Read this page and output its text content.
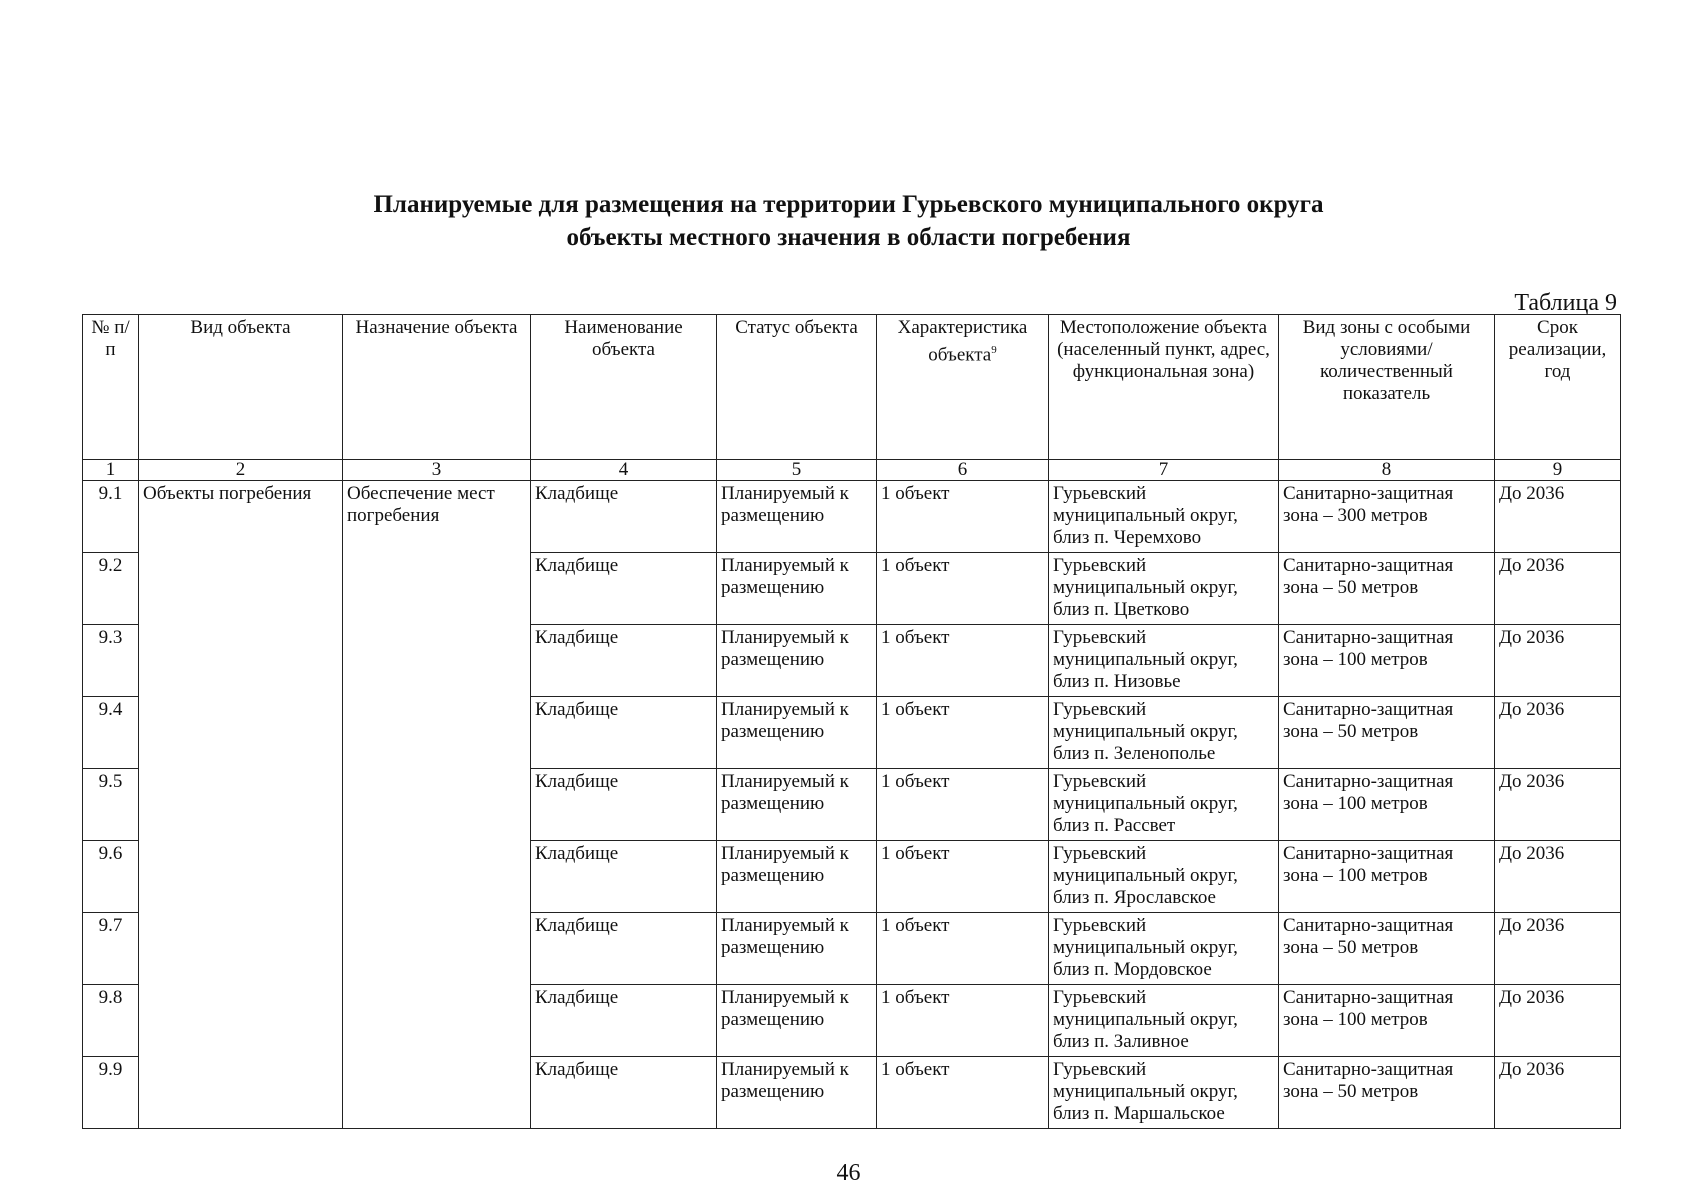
Планируемые для размещения на территории Гурьевского муниципального округа
объекты местного значения в области погребения
Таблица 9
№ п/п	Вид объекта	Назначение объекта	Наименование объекта	Статус объекта	Характеристика объекта$^9$	Местоположение объекта (населенный пункт, адрес, функциональная зона)	Вид зоны с особыми условиями/ количественный показатель	Срок реализации, год
1	2	3	4	5	6	7	8	9
9.1	Объекты погребения	Обеспечение мест погребения	Кладбище	Планируемый к размещению	1 объект	Гурьевский муниципальный округ, близ п. Черемхово	Санитарно-защитная зона – 300 метров	До 2036
9.2			Кладбище	Планируемый к размещению	1 объект	Гурьевский муниципальный округ, близ п. Цветково	Санитарно-защитная зона – 50 метров	До 2036
9.3			Кладбище	Планируемый к размещению	1 объект	Гурьевский муниципальный округ, близ п. Низовье	Санитарно-защитная зона – 100 метров	До 2036
9.4			Кладбище	Планируемый к размещению	1 объект	Гурьевский муниципальный округ, близ п. Зеленополье	Санитарно-защитная зона – 50 метров	До 2036
9.5			Кладбище	Планируемый к размещению	1 объект	Гурьевский муниципальный округ, близ п. Рассвет	Санитарно-защитная зона – 100 метров	До 2036
9.6			Кладбище	Планируемый к размещению	1 объект	Гурьевский муниципальный округ, близ п. Ярославское	Санитарно-защитная зона – 100 метров	До 2036
9.7			Кладбище	Планируемый к размещению	1 объект	Гурьевский муниципальный округ, близ п. Мордовское	Санитарно-защитная зона – 50 метров	До 2036
9.8			Кладбище	Планируемый к размещению	1 объект	Гурьевский муниципальный округ, близ п. Заливное	Санитарно-защитная зона – 100 метров	До 2036
9.9			Кладбище	Планируемый к размещению	1 объект	Гурьевский муниципальный округ, близ п. Маршальское	Санитарно-защитная зона – 50 метров	До 2036
46
